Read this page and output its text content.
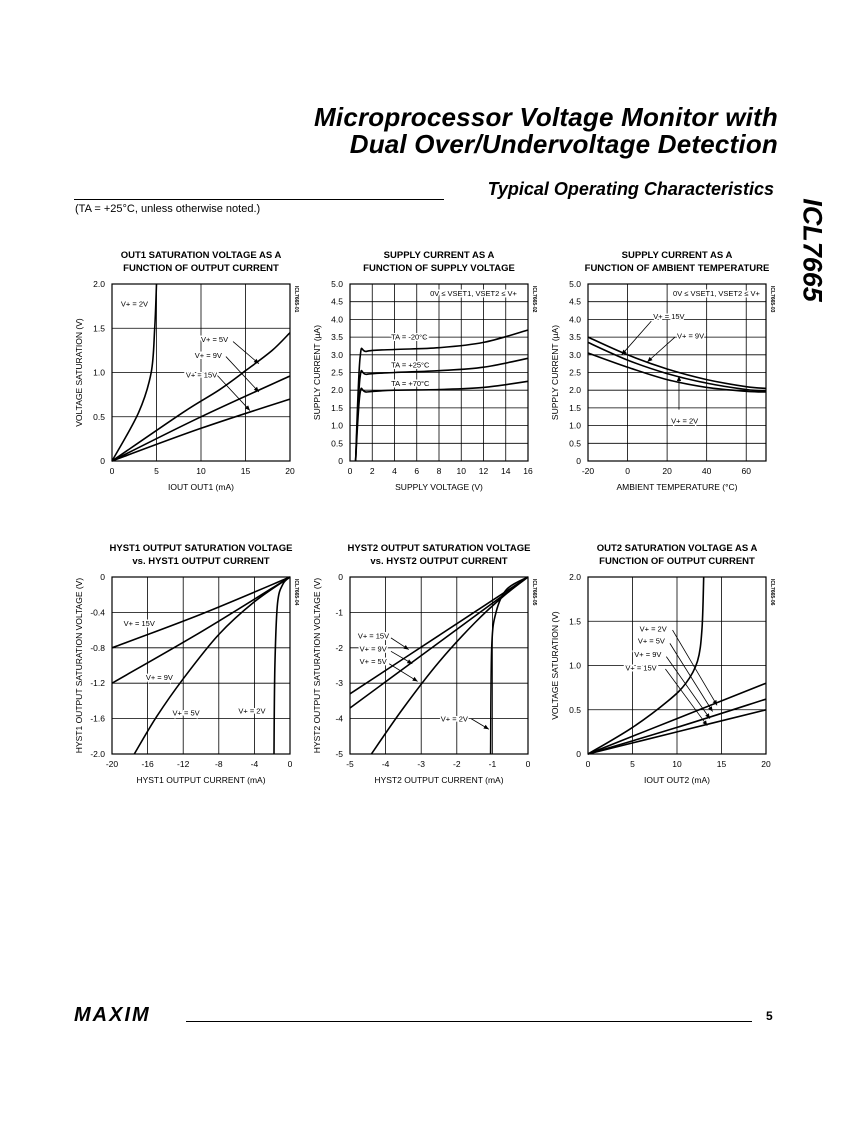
Microprocessor Voltage Monitor with
Dual Over/Undervoltage Detection
Typical Operating Characteristics
(TA = +25°C, unless otherwise noted.)	ICL7665
OUT1 SATURATION VOLTAGE AS A
FUNCTION OF OUTPUT CURRENT
0	5	10	15	20
0
0.5
1.0
1.5
2.0
IOUT OUT1 (mA)
VOLTAGE SATURATION (V)
ICL7665-01
V+ = 2V
V+ = 5V
V+ = 9V
V+ = 15V
SUPPLY CURRENT AS A
FUNCTION OF SUPPLY VOLTAGE
0 2 4 6 8 10 12 14 16
0
0.5
1.0
1.5
2.0
2.5
3.0
3.5
4.0
4.5
5.0
SUPPLY VOLTAGE (V)
SUPPLY CURRENT (µA)
ICL7665-02
0V ≤ VSET1, VSET2 ≤ V+
TA = -20°C
TA = +25°C
TA = +70°C
SUPPLY CURRENT AS A
FUNCTION OF AMBIENT TEMPERATURE
-20	0	20	40	60
0
0.5
1.0
1.5
2.0
2.5
3.0
3.5
4.0
4.5
5.0
AMBIENT TEMPERATURE (°C)
SUPPLY CURRENT (µA)
ICL7665-03
0V ≤ VSET1, VSET2 ≤ V+
V+ = 15V
V+ = 9V
V+ = 2V
HYST1 OUTPUT SATURATION VOLTAGE
vs. HYST1 OUTPUT CURRENT
-20	-16	-12	-8	-4	0
-2.0
-1.6
-1.2
-0.8
-0.4
0
HYST1 OUTPUT CURRENT (mA)
HYST1 OUTPUT SATURATION VOLTAGE (V)	ICL7665-04
V+ = 15V
V+ = 9V
V+ = 5V	V+ = 2V
HYST2 OUTPUT SATURATION VOLTAGE
vs. HYST2 OUTPUT CURRENT
-5	-4	-3	-2	-1	0
-5
-4
-3
-2
-1
0
HYST2 OUTPUT CURRENT (mA)
HYST2 OUTPUT SATURATION VOLTAGE (V)	ICL7665-05
V+ = 15V
V+ = 9V
V+ = 5V
V+ = 2V
OUT2 SATURATION VOLTAGE AS A
FUNCTION OF OUTPUT CURRENT
0	5	10	15	20
0
0.5
1.0
1.5
2.0
IOUT OUT2 (mA)
VOLTAGE SATURATION (V)
ICL7665-06
V+ = 2V
V+ = 5V
V+ = 9V
V+ = 15V
MAXIM	5
